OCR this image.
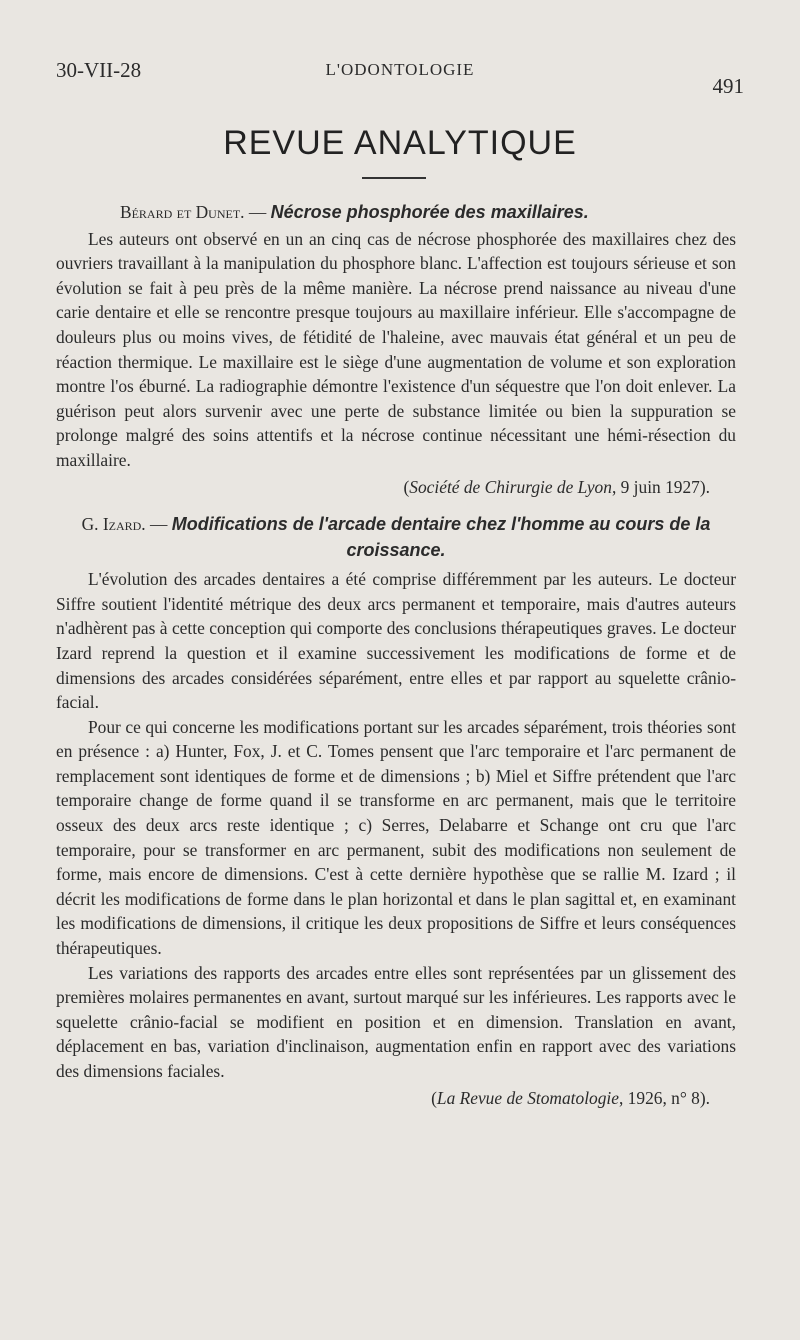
30-VII-28	L'ODONTOLOGIE
491
REVUE ANALYTIQUE
Bérard et Dunet. — Nécrose phosphorée des maxillaires.

Les auteurs ont observé en un an cinq cas de nécrose phosphorée des maxillaires chez des ouvriers travaillant à la manipulation du phosphore blanc. L'affection est toujours sérieuse et son évolution se fait à peu près de la même manière. La nécrose prend naissance au niveau d'une carie dentaire et elle se rencontre presque toujours au maxillaire inférieur. Elle s'accompagne de douleurs plus ou moins vives, de fétidité de l'haleine, avec mauvais état général et un peu de réaction thermique. Le maxillaire est le siège d'une augmentation de volume et son exploration montre l'os éburné. La radiographie démontre l'existence d'un séquestre que l'on doit enlever. La guérison peut alors survenir avec une perte de substance limitée ou bien la suppuration se prolonge malgré des soins attentifs et la nécrose continue nécessitant une hémi-résection du maxillaire.

(Société de Chirurgie de Lyon, 9 juin 1927).
G. Izard. — Modifications de l'arcade dentaire chez l'homme au cours de la croissance.

L'évolution des arcades dentaires a été comprise différemment par les auteurs. Le docteur Siffre soutient l'identité métrique des deux arcs permanent et temporaire, mais d'autres auteurs n'adhèrent pas à cette conception qui comporte des conclusions thérapeutiques graves. Le docteur Izard reprend la question et il examine successivement les modifications de forme et de dimensions des arcades considérées séparément, entre elles et par rapport au squelette crânio-facial.

Pour ce qui concerne les modifications portant sur les arcades séparément, trois théories sont en présence : a) Hunter, Fox, J. et C. Tomes pensent que l'arc temporaire et l'arc permanent de remplacement sont identiques de forme et de dimensions ; b) Miel et Siffre prétendent que l'arc temporaire change de forme quand il se transforme en arc permanent, mais que le territoire osseux des deux arcs reste identique ; c) Serres, Delabarre et Schange ont cru que l'arc temporaire, pour se transformer en arc permanent, subit des modifications non seulement de forme, mais encore de dimensions. C'est à cette dernière hypothèse que se rallie M. Izard ; il décrit les modifications de forme dans le plan horizontal et dans le plan sagittal et, en examinant les modifications de dimensions, il critique les deux propositions de Siffre et leurs conséquences thérapeutiques.

Les variations des rapports des arcades entre elles sont représentées par un glissement des premières molaires permanentes en avant, surtout marqué sur les inférieures. Les rapports avec le squelette crânio-facial se modifient en position et en dimension. Translation en avant, déplacement en bas, variation d'inclinaison, augmentation enfin en rapport avec des variations des dimensions faciales.

(La Revue de Stomatologie, 1926, n° 8).
